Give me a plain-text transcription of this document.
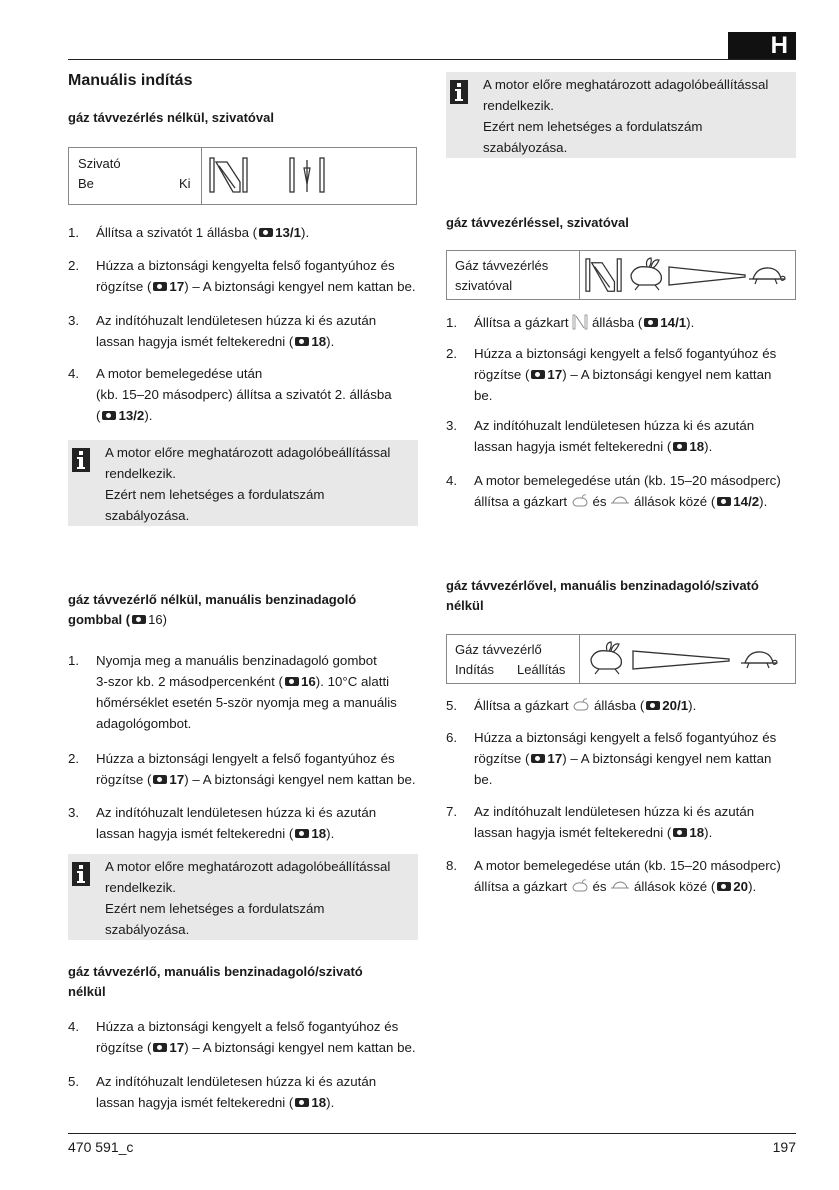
H
Manuális indítás
gáz távvezérlés nélkül, szivatóval
Szivató
Be	Ki
1. Állítsa a szivatót 1 állásba ( 13/1).
2. Húzza a biztonsági kengyelta felső fogantyúhoz és
rögzítse ( 17) – A biztonsági kengyel nem kattan be.
3. Az indítóhuzalt lendületesen húzza ki és azután
lassan hagyja ismét feltekeredni ( 18).
4. A motor bemelegedése után
(kb. 15–20 másodperc) állítsa a szivatót 2. állásba
( 13/2).
A motor előre meghatározott adagolóbeállítással
rendelkezik.
Ezért nem lehetséges a fordulatszám
szabályozása.
gáz távvezérlő nélkül, manuális benzinadagoló
gombbal ( 16)
1. Nyomja meg a manuális benzinadagoló gombot
3-szor kb. 2 másodpercenként ( 16). 10°C alatti
hőmérséklet esetén 5-ször nyomja meg a manuális
adagológombot.
2. Húzza a biztonsági lengyelt a felső fogantyúhoz és
rögzítse ( 17) – A biztonsági kengyel nem kattan be.
3. Az indítóhuzalt lendületesen húzza ki és azután
lassan hagyja ismét feltekeredni ( 18).
A motor előre meghatározott adagolóbeállítással
rendelkezik.
Ezért nem lehetséges a fordulatszám
szabályozása.
gáz távvezérlő, manuális benzinadagoló/szivató
nélkül
4. Húzza a biztonsági kengyelt a felső fogantyúhoz és
rögzítse ( 17) – A biztonsági kengyel nem kattan be.
5. Az indítóhuzalt lendületesen húzza ki és azután
lassan hagyja ismét feltekeredni ( 18).
A motor előre meghatározott adagolóbeállítással
rendelkezik.
Ezért nem lehetséges a fordulatszám
szabályozása.
gáz távvezérléssel, szivatóval
Gáz távvezérlés
szivatóval
1. Állítsa a gázkart állásba ( 14/1).
2. Húzza a biztonsági kengyelt a felső fogantyúhoz és
rögzítse ( 17) – A biztonsági kengyel nem kattan
be.
3. Az indítóhuzalt lendületesen húzza ki és azután
lassan hagyja ismét feltekeredni ( 18).
4. A motor bemelegedése után (kb. 15–20 másodperc)
állítsa a gázkart és állások közé ( 14/2).
gáz távvezérlővel, manuális benzinadagoló/szivató
nélkül
Gáz távvezérlő
Indítás Leállítás
5. Állítsa a gázkart állásba ( 20/1).
6. Húzza a biztonsági kengyelt a felső fogantyúhoz és
rögzítse ( 17) – A biztonsági kengyel nem kattan
be.
7. Az indítóhuzalt lendületesen húzza ki és azután
lassan hagyja ismét feltekeredni ( 18).
8. A motor bemelegedése után (kb. 15–20 másodperc)
állítsa a gázkart és állások közé ( 20).
470 591_c	197
